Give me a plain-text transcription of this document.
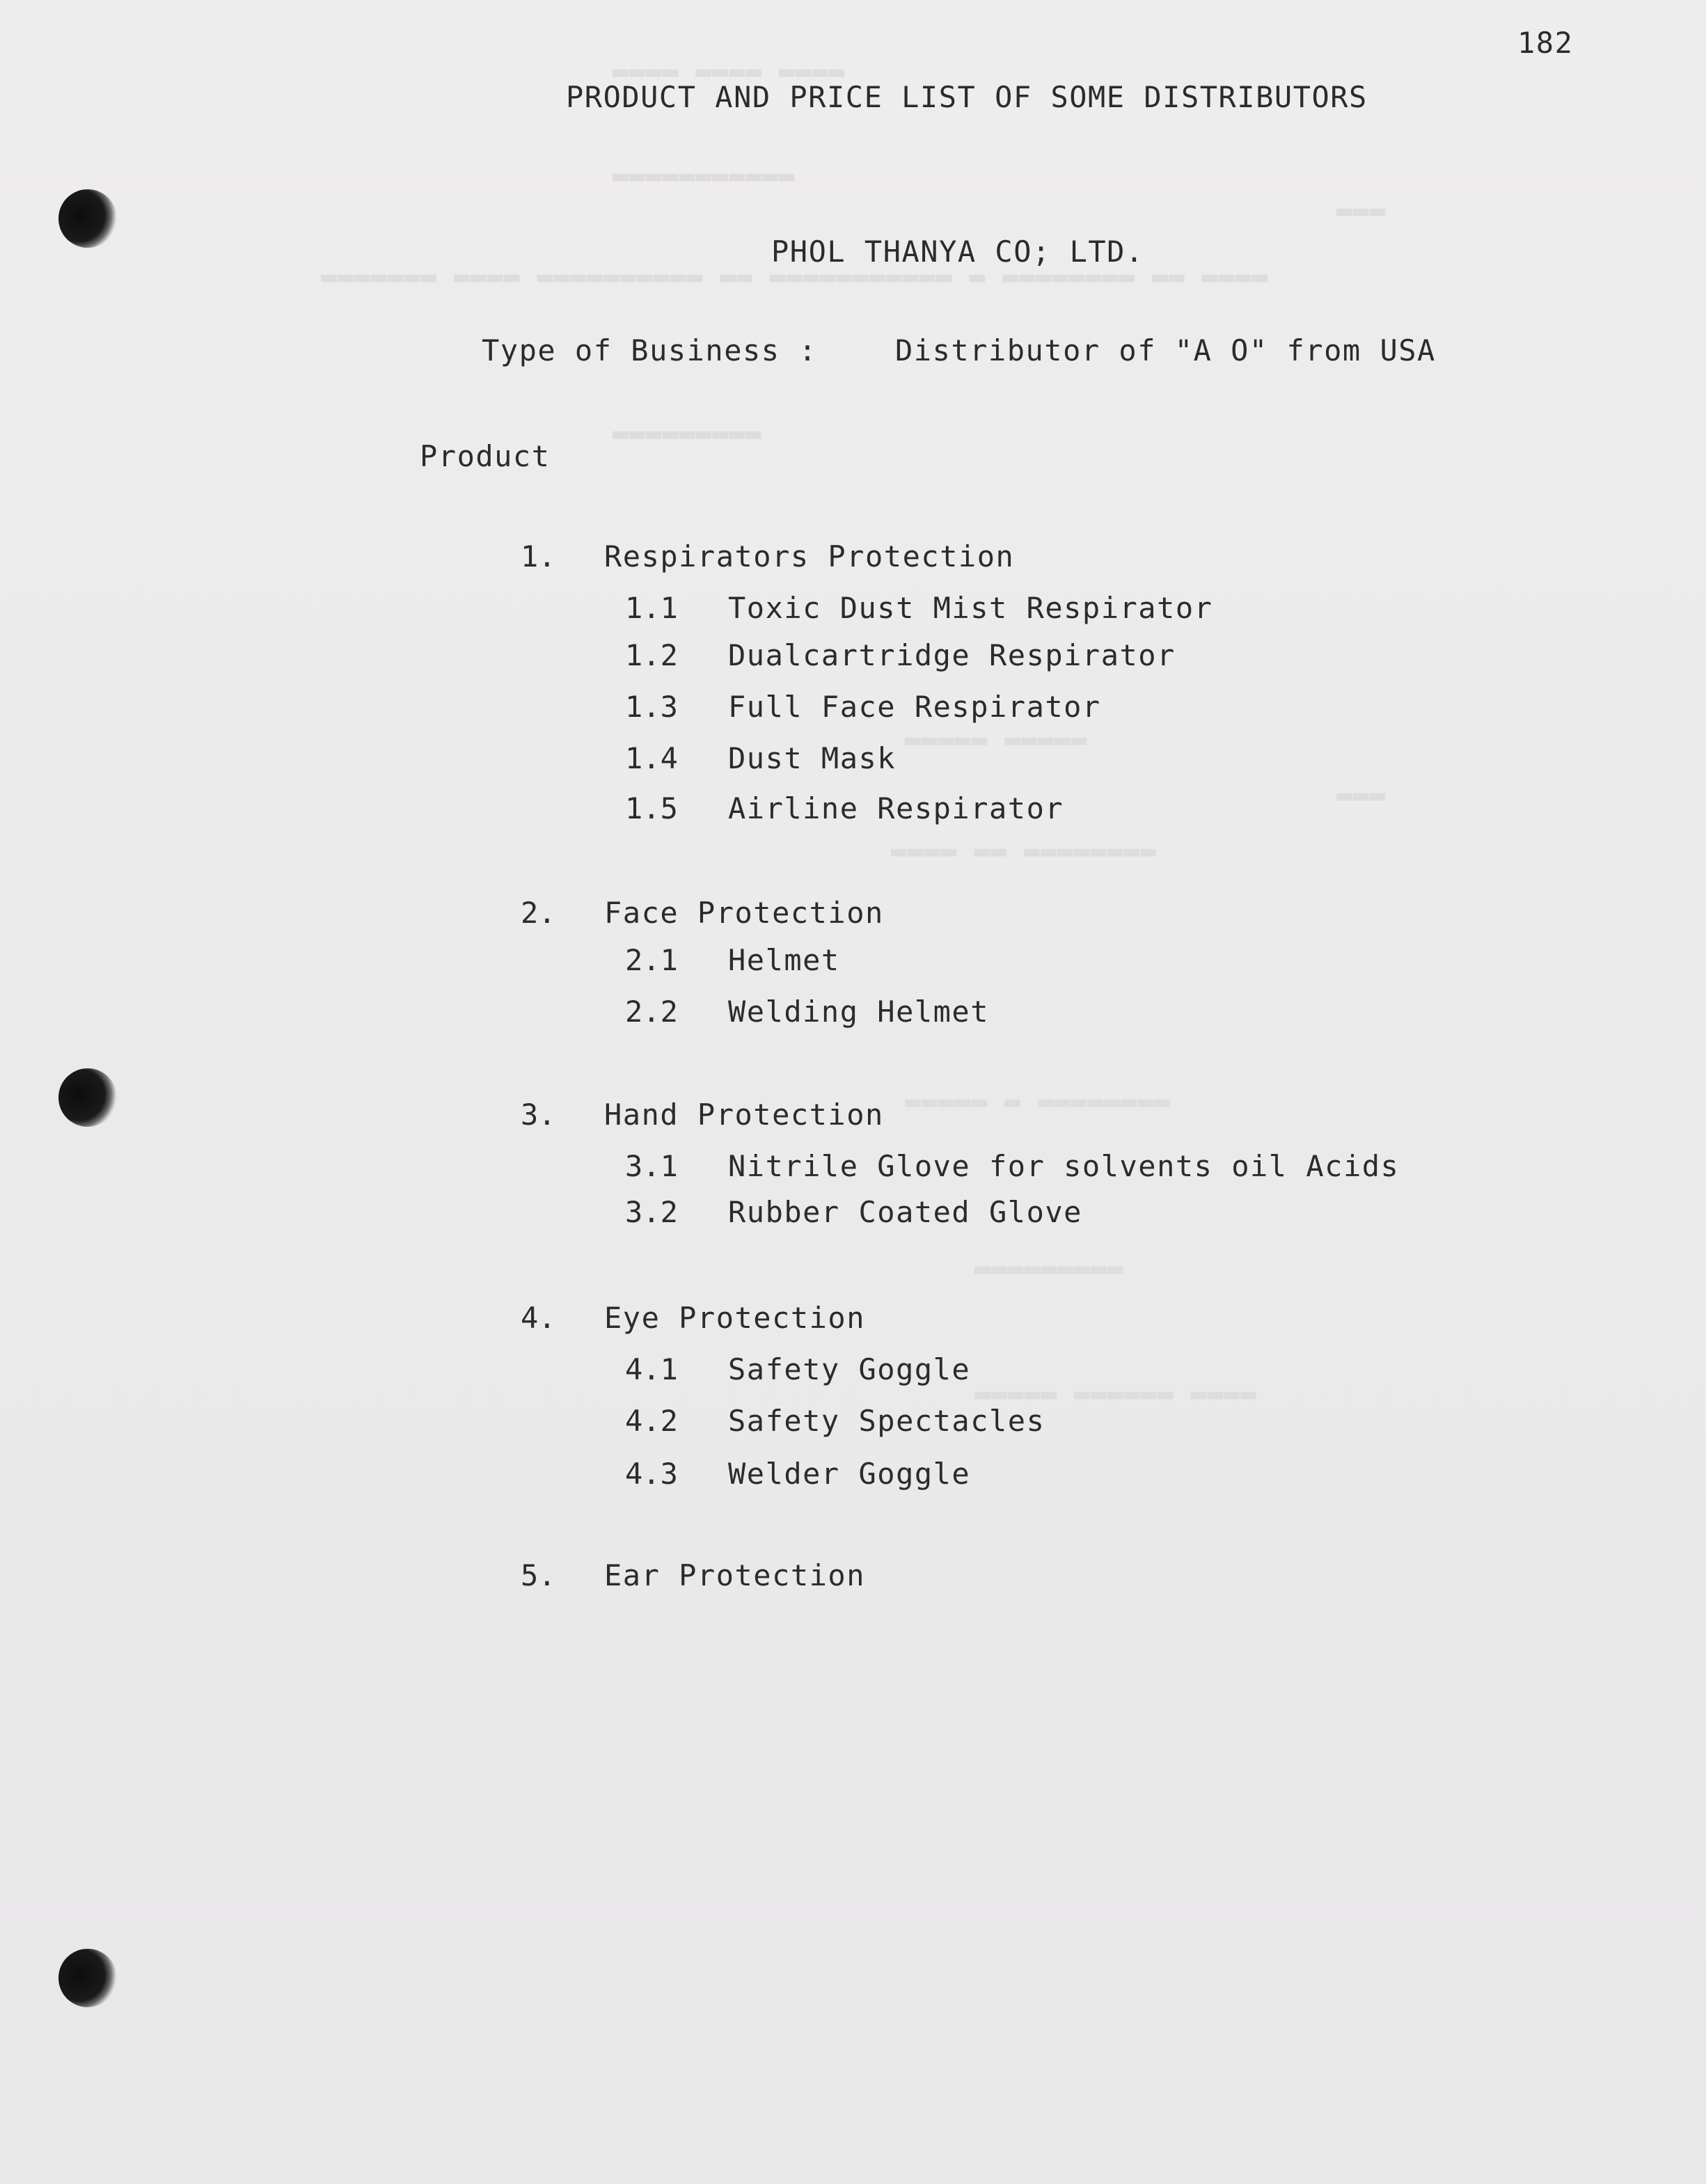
▬▬▬▬ ▬▬▬▬ ▬▬▬▬
▬▬▬▬▬▬▬▬▬▬▬
▬▬▬▬ ▬▬ ▬▬▬▬▬▬▬▬ ▬ ▬▬▬▬▬▬▬▬▬▬▬ ▬▬ ▬▬▬▬▬▬▬▬▬▬ ▬▬▬▬ ▬▬▬▬▬▬▬
▬▬▬▬▬▬▬▬▬
▬▬▬▬▬ ▬▬▬▬▬
▬▬▬▬ ▬▬ ▬▬▬▬▬▬▬▬
▬▬▬▬▬ ▬ ▬▬▬▬▬▬▬▬
▬▬▬▬▬▬▬▬▬
▬▬▬▬▬ ▬▬▬▬▬▬ ▬▬▬▬
▬▬▬
▬▬▬
182
PRODUCT AND PRICE LIST OF SOME DISTRIBUTORS
PHOL THANYA CO; LTD.
Type of Business :	Distributor of "A O" from USA
Product
1. Respirators Protection
1.1 Toxic Dust Mist Respirator
1.2 Dualcartridge Respirator
1.3 Full Face Respirator
1.4 Dust Mask
1.5 Airline Respirator
2. Face Protection
2.1 Helmet
2.2 Welding Helmet
3. Hand Protection
3.1 Nitrile Glove for solvents oil Acids
3.2 Rubber Coated Glove
4. Eye Protection
4.1 Safety Goggle
4.2 Safety Spectacles
4.3 Welder Goggle
5. Ear Protection
